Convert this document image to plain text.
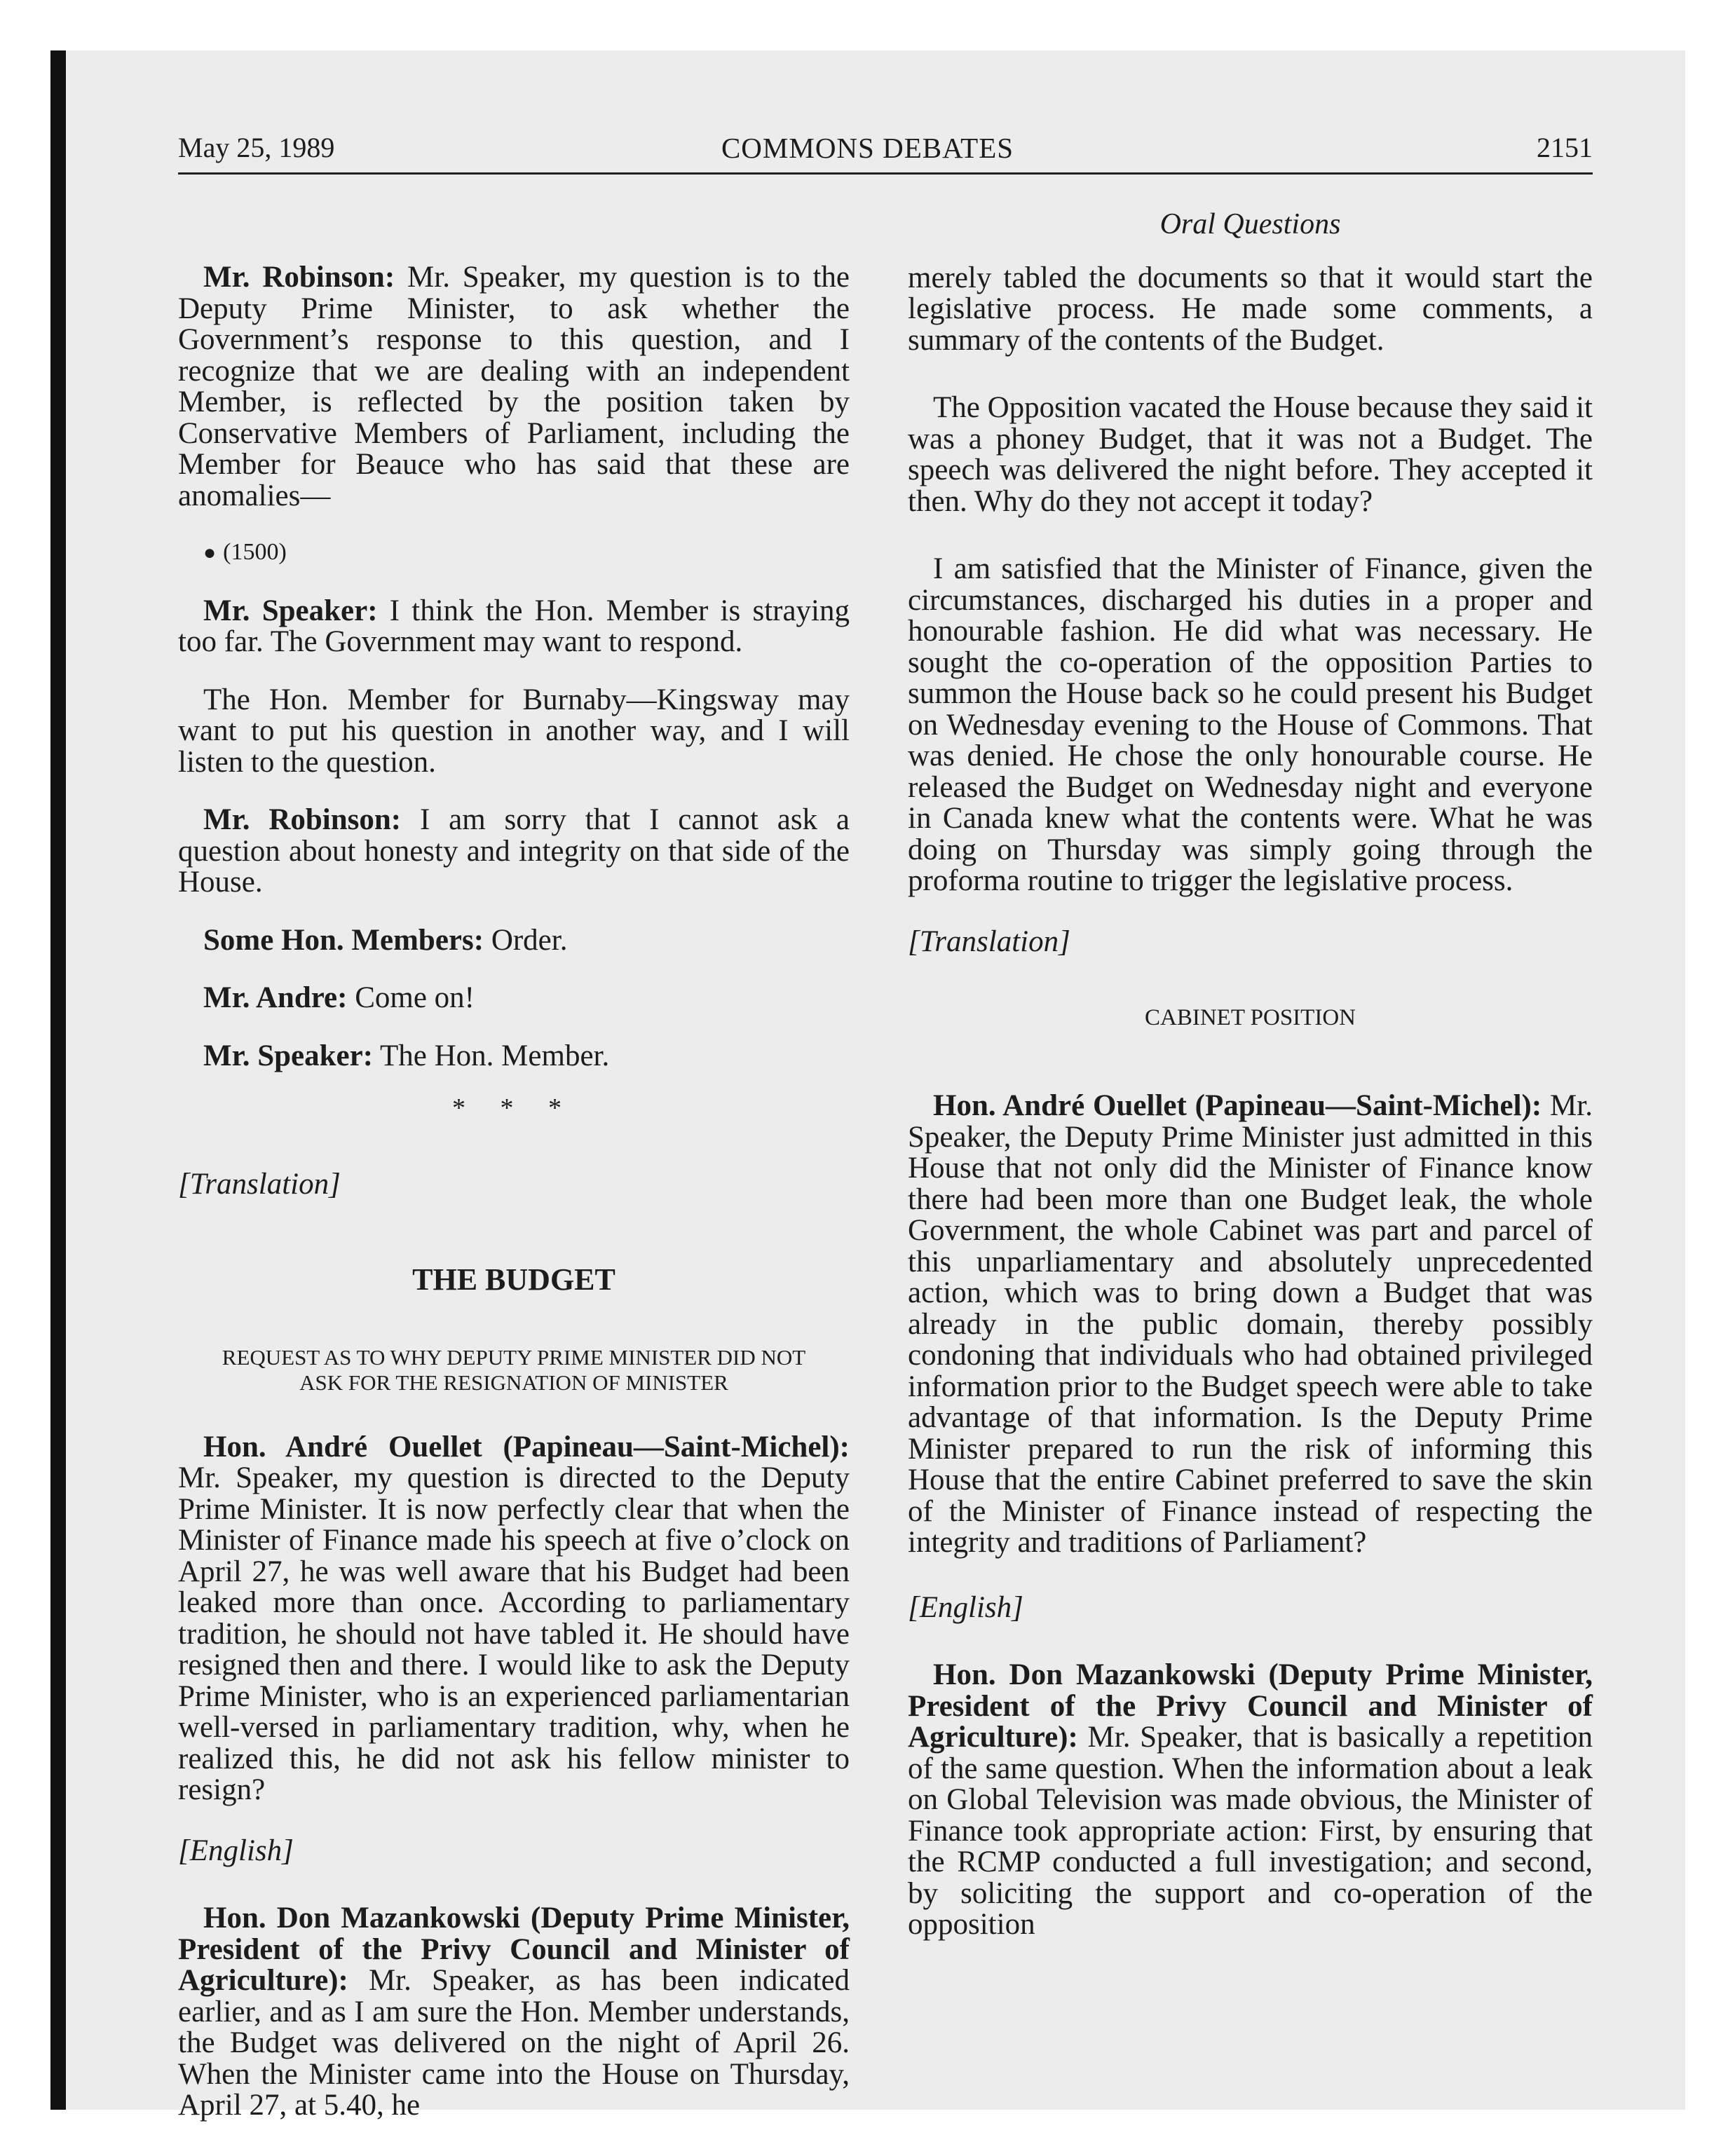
May 25, 1989	COMMONS DEBATES	2151

Mr. Robinson: Mr. Speaker, my question is to the Deputy Prime Minister, to ask whether the Government’s response to this question, and I recognize that we are dealing with an independent Member, is reflected by the position taken by Conservative Members of Parliament, including the Member for Beauce who has said that these are anomalies—

● (1500)

Mr. Speaker: I think the Hon. Member is straying too far. The Government may want to respond.

The Hon. Member for Burnaby—Kingsway may want to put his question in another way, and I will listen to the question.

Mr. Robinson: I am sorry that I cannot ask a question about honesty and integrity on that side of the House.

Some Hon. Members: Order.

Mr. Andre: Come on!

Mr. Speaker: The Hon. Member.

* * *
[Translation]
THE BUDGET
REQUEST AS TO WHY DEPUTY PRIME MINISTER DID NOT ASK FOR THE RESIGNATION OF MINISTER

Hon. André Ouellet (Papineau—Saint-Michel): Mr. Speaker, my question is directed to the Deputy Prime Minister. It is now perfectly clear that when the Minister of Finance made his speech at five o’clock on April 27, he was well aware that his Budget had been leaked more than once. According to parliamentary tradition, he should not have tabled it. He should have resigned then and there. I would like to ask the Deputy Prime Minister, who is an experienced parliamentarian well-versed in parliamentary tradition, why, when he realized this, he did not ask his fellow minister to resign?

[English]

Hon. Don Mazankowski (Deputy Prime Minister, President of the Privy Council and Minister of Agriculture): Mr. Speaker, as has been indicated earlier, and as I am sure the Hon. Member understands, the Budget was delivered on the night of April 26. When the Minister came into the House on Thursday, April 27, at 5.40, he

Oral Questions

merely tabled the documents so that it would start the legislative process. He made some comments, a summary of the contents of the Budget.

The Opposition vacated the House because they said it was a phoney Budget, that it was not a Budget. The speech was delivered the night before. They accepted it then. Why do they not accept it today?

I am satisfied that the Minister of Finance, given the circumstances, discharged his duties in a proper and honourable fashion. He did what was necessary. He sought the co-operation of the opposition Parties to summon the House back so he could present his Budget on Wednesday evening to the House of Commons. That was denied. He chose the only honourable course. He released the Budget on Wednesday night and everyone in Canada knew what the contents were. What he was doing on Thursday was simply going through the proforma routine to trigger the legislative process.

[Translation]
CABINET POSITION

Hon. André Ouellet (Papineau—Saint-Michel): Mr. Speaker, the Deputy Prime Minister just admitted in this House that not only did the Minister of Finance know there had been more than one Budget leak, the whole Government, the whole Cabinet was part and parcel of this unparliamentary and absolutely unprecedented action, which was to bring down a Budget that was already in the public domain, thereby possibly condoning that individuals who had obtained privileged information prior to the Budget speech were able to take advantage of that information. Is the Deputy Prime Minister prepared to run the risk of informing this House that the entire Cabinet preferred to save the skin of the Minister of Finance instead of respecting the integrity and traditions of Parliament?

[English]

Hon. Don Mazankowski (Deputy Prime Minister, President of the Privy Council and Minister of Agriculture): Mr. Speaker, that is basically a repetition of the same question. When the information about a leak on Global Television was made obvious, the Minister of Finance took appropriate action: First, by ensuring that the RCMP conducted a full investigation; and second, by soliciting the support and co-operation of the opposition
